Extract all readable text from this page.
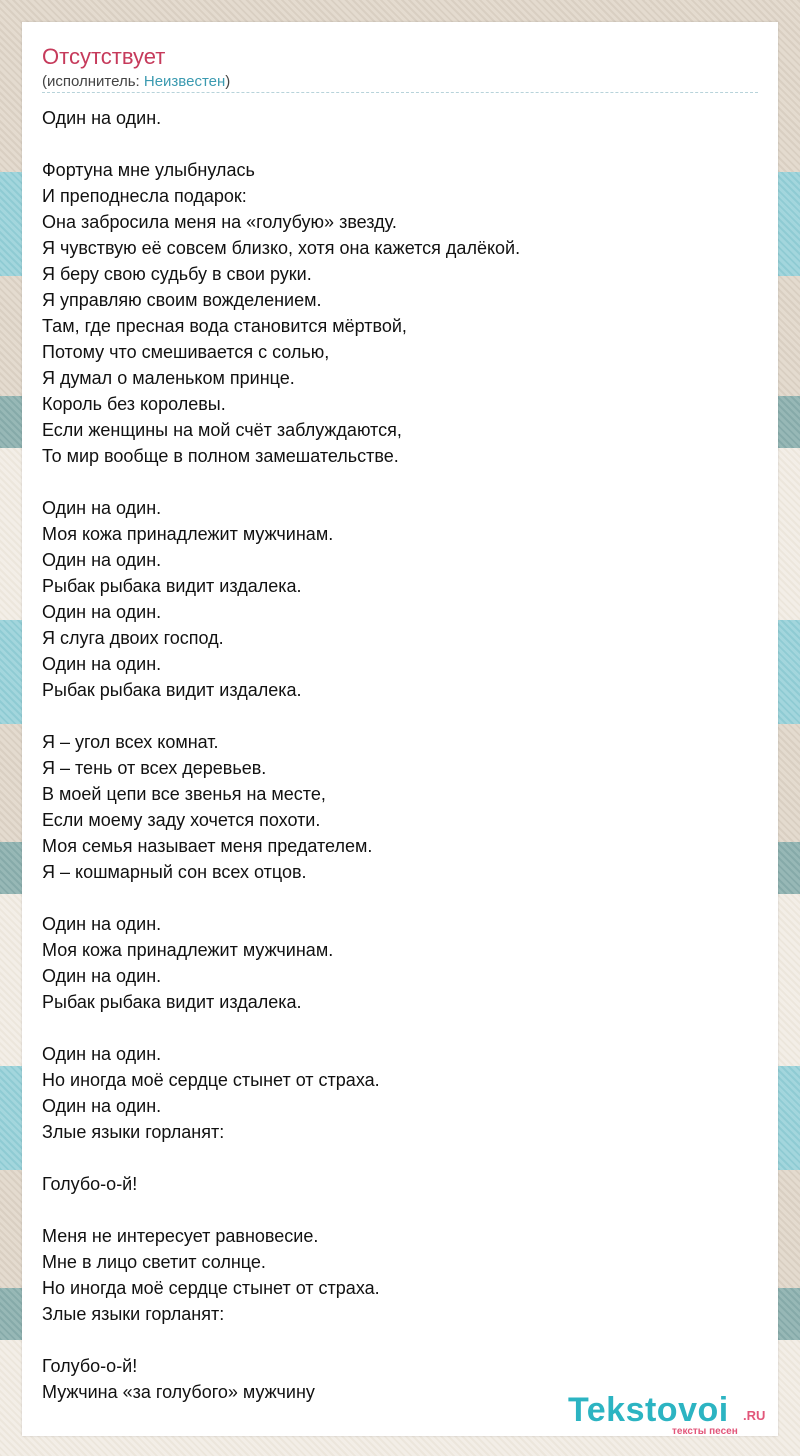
Отсутствует
(исполнитель: Неизвестен)
Один на один.

Фортуна мне улыбнулась
И преподнесла подарок:
Она забросила меня на «голубую» звезду.
Я чувствую её совсем близко, хотя она кажется далёкой.
Я беру свою судьбу в свои руки.
Я управляю своим вожделением.
Там, где пресная вода становится мёртвой,
Потому что смешивается с солью,
Я думал о маленьком принце.
Король без королевы.
Если женщины на мой счёт заблуждаются,
То мир вообще в полном замешательстве.

Один на один.
Моя кожа принадлежит мужчинам.
Один на один.
Рыбак рыбака видит издалека.
Один на один.
Я слуга двоих господ.
Один на один.
Рыбак рыбака видит издалека.

Я – угол всех комнат.
Я – тень от всех деревьев.
В моей цепи все звенья на месте,
Если моему заду хочется похоти.
Моя семья называет меня предателем.
Я – кошмарный сон всех отцов.

Один на один.
Моя кожа принадлежит мужчинам.
Один на один.
Рыбак рыбака видит издалека.

Один на один.
Но иногда моё сердце стынет от страха.
Один на один.
Злые языки горланят:

Голубо-о-й!

Меня не интересует равновесие.
Мне в лицо светит солнце.
Но иногда моё сердце стынет от страха.
Злые языки горланят:

Голубо-о-й!
Мужчина «за голубого» мужчину	Tekstovoi .RU
тексты песен
